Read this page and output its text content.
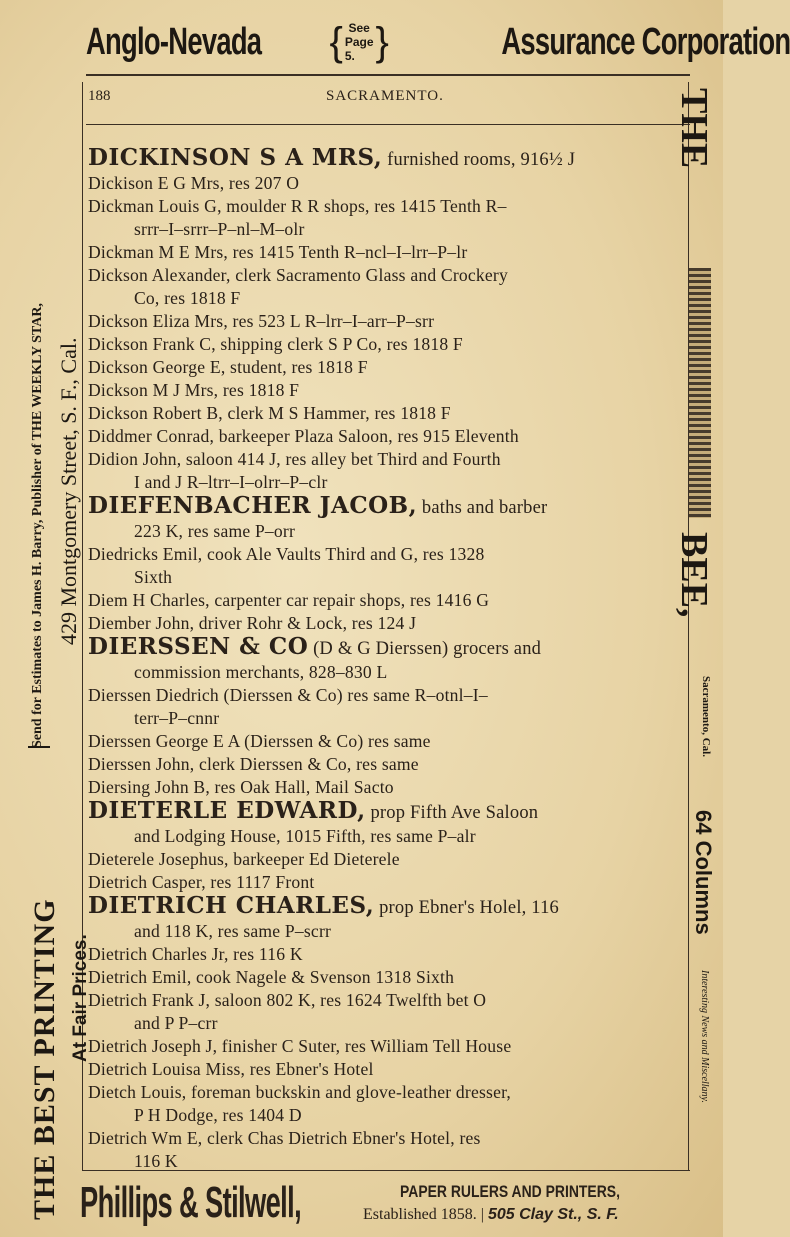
Anglo-Nevada { See
Page 5. }	Assurance Corporation
188	SACRAMENTO.
THE BEST PRINTING At Fair Prices.
Send for Estimates to James H. Barry, Publisher of THE WEEKLY STAR, 429 Montgomery Street, S. F., Cal.
THE
BEE,
Sacramento, Cal.
64 Columns
Interesting News and Miscellany.
DICKINSON S A MRS, furnished rooms, 916½ J
Dickison E G Mrs, res 207 O
Dickman Louis G, moulder R R shops, res 1415 Tenth R–
srrr–I–srrr–P–nl–M–olr
Dickman M E Mrs, res 1415 Tenth R–ncl–I–lrr–P–lr
Dickson Alexander, clerk Sacramento Glass and Crockery
Co, res 1818 F
Dickson Eliza Mrs, res 523 L R–lrr–I–arr–P–srr
Dickson Frank C, shipping clerk S P Co, res 1818 F
Dickson George E, student, res 1818 F
Dickson M J Mrs, res 1818 F
Dickson Robert B, clerk M S Hammer, res 1818 F
Diddmer Conrad, barkeeper Plaza Saloon, res 915 Eleventh
Didion John, saloon 414 J, res alley bet Third and Fourth
I and J R–ltrr–I–olrr–P–clr
DIEFENBACHER JACOB, baths and barber
223 K, res same P–orr
Diedricks Emil, cook Ale Vaults Third and G, res 1328
Sixth
Diem H Charles, carpenter car repair shops, res 1416 G
Diember John, driver Rohr & Lock, res 124 J
DIERSSEN & CO (D & G Dierssen) grocers and
commission merchants, 828–830 L
Dierssen Diedrich (Dierssen & Co) res same R–otnl–I–
terr–P–cnnr
Dierssen George E A (Dierssen & Co) res same
Dierssen John, clerk Dierssen & Co, res same
Diersing John B, res Oak Hall, Mail Sacto
DIETERLE EDWARD, prop Fifth Ave Saloon
and Lodging House, 1015 Fifth, res same P–alr
Dieterele Josephus, barkeeper Ed Dieterele
Dietrich Casper, res 1117 Front
DIETRICH CHARLES, prop Ebner's Holel, 116
and 118 K, res same P–scrr
Dietrich Charles Jr, res 116 K
Dietrich Emil, cook Nagele & Svenson 1318 Sixth
Dietrich Frank J, saloon 802 K, res 1624 Twelfth bet O
and P P–crr
Dietrich Joseph J, finisher C Suter, res William Tell House
Dietrich Louisa Miss, res Ebner's Hotel
Dietch Louis, foreman buckskin and glove-leather dresser,
P H Dodge, res 1404 D
Dietrich Wm E, clerk Chas Dietrich Ebner's Hotel, res
116 K
Phillips & Stilwell,	PAPER RULERS AND PRINTERS,
Established 1858. | 505 Clay St., S. F.
